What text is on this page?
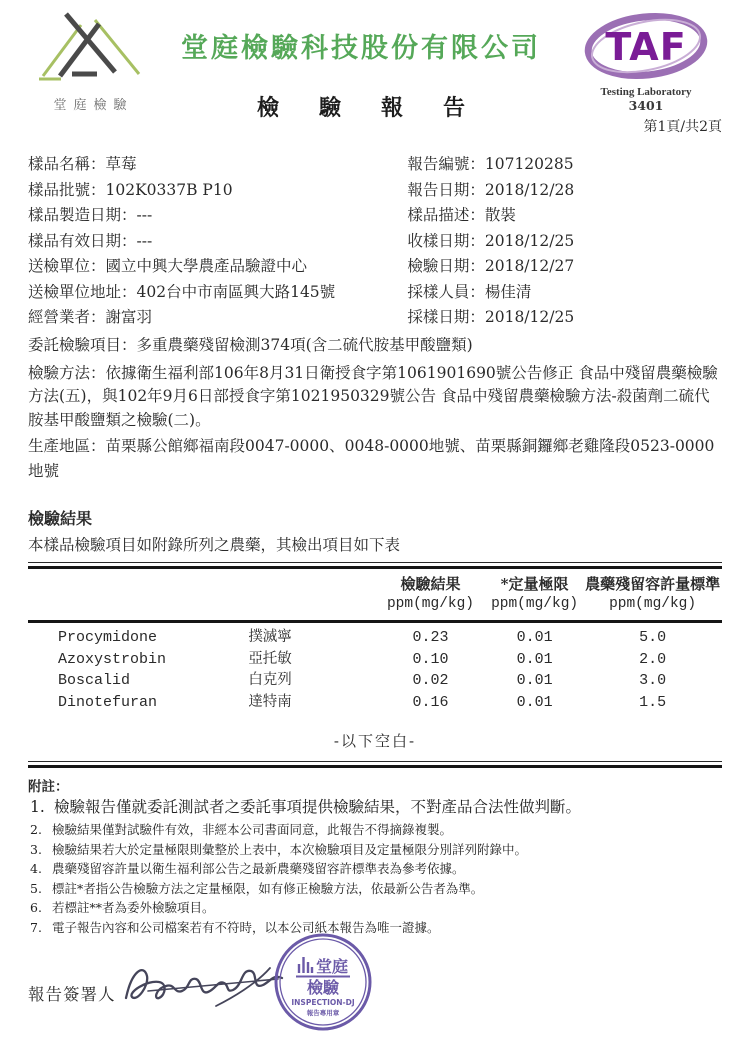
堂庭檢驗
堂庭檢驗科技股份有限公司
檢驗報告
TAF
Testing Laboratory
3401
第1頁/共2頁
樣品名稱：草莓
樣品批號：102K0337B P10
樣品製造日期：---
樣品有效日期：---
送檢單位：國立中興大學農產品驗證中心
送檢單位地址：402台中市南區興大路145號
經營業者：謝富羽
報告編號：107120285
報告日期：2018/12/28
樣品描述：散裝
收樣日期：2018/12/25
檢驗日期：2018/12/27
採樣人員：楊佳清
採樣日期：2018/12/25
委託檢驗項目：多重農藥殘留檢測374項(含二硫代胺基甲酸鹽類)
檢驗方法：依據衛生福利部106年8月31日衛授食字第1061901690號公告修正 食品中殘留農藥檢驗方法(五)，與102年9月6日部授食字第1021950329號公告 食品中殘留農藥檢驗方法-殺菌劑二硫代胺基甲酸鹽類之檢驗(二)。
生產地區：苗栗縣公館鄉福南段0047-0000、0048-0000地號、苗栗縣銅鑼鄉老雞隆段0523-0000地號
檢驗結果
本樣品檢驗項目如附錄所列之農藥，其檢出項目如下表
檢驗結果
ppm(mg/kg)
*定量極限
ppm(mg/kg)
農藥殘留容許量標準
ppm(mg/kg)
Procymidone	撲滅寧	0.23	0.01	5.0
Azoxystrobin	亞托敏	0.10	0.01	2.0
Boscalid	白克列	0.02	0.01	3.0
Dinotefuran	達特南	0.16	0.01	1.5
-以下空白-
附註：
1. 檢驗報告僅就委託測試者之委託事項提供檢驗結果，不對產品合法性做判斷。
2. 檢驗結果僅對試驗件有效，非經本公司書面同意，此報告不得摘錄複製。
3. 檢驗結果若大於定量極限則彙整於上表中，本次檢驗項目及定量極限分別詳列附錄中。
4. 農藥殘留容許量以衛生福利部公告之最新農藥殘留容許標準表為參考依據。
5. 標註*者指公告檢驗方法之定量極限，如有修正檢驗方法，依最新公告者為準。
6. 若標註**者為委外檢驗項目。
7. 電子報告內容和公司檔案若有不符時，以本公司紙本報告為唯一證據。
報告簽署人
堂庭
檢驗
INSPECTION-DJ
報告專用章
